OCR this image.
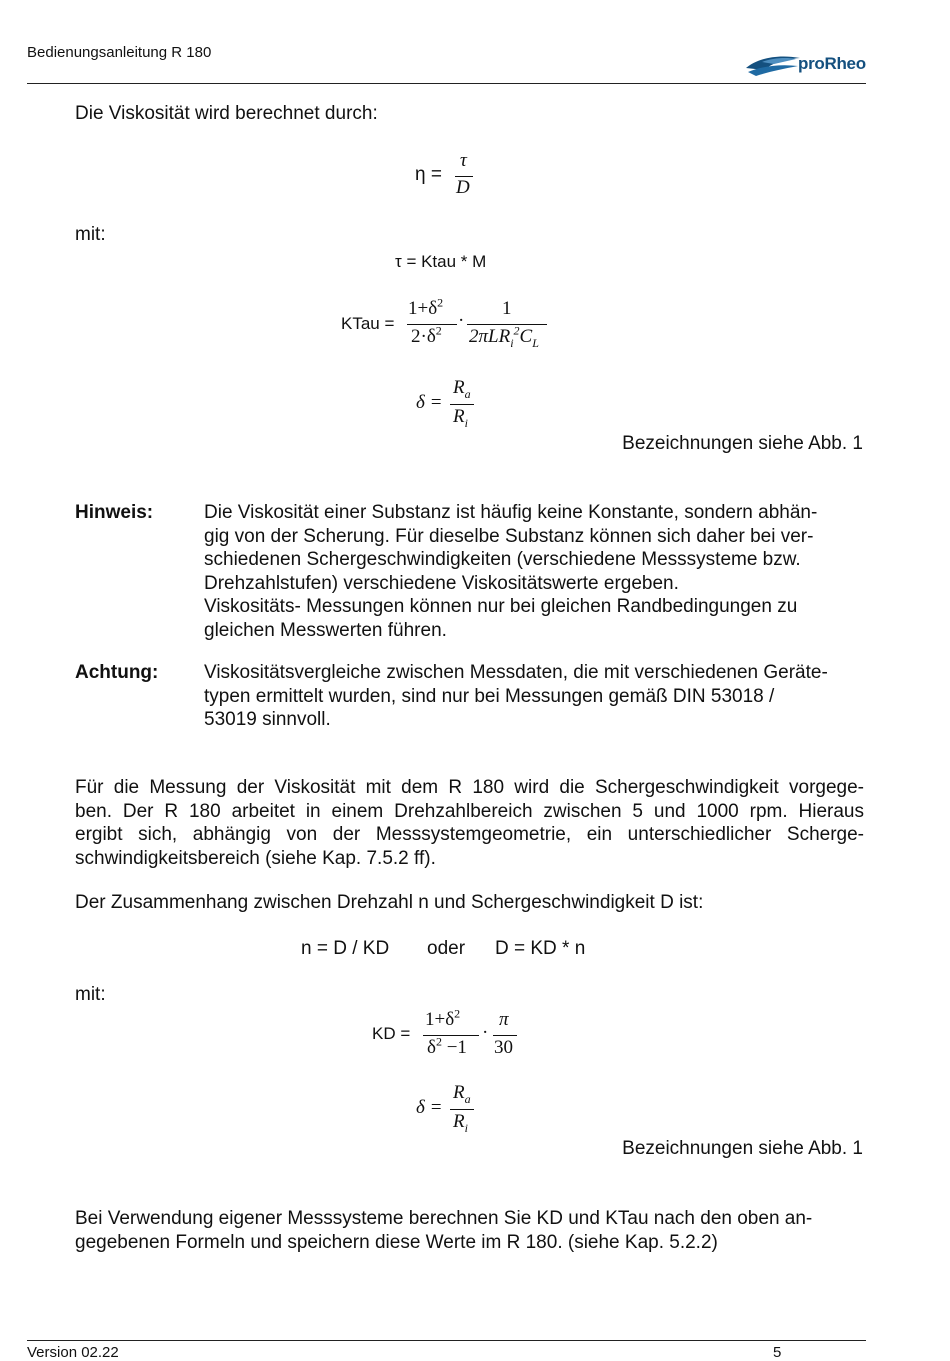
Bedienungsanleitung R 180
proRheo
Die Viskosität wird berechnet durch:
η =
τ
D
mit:
τ = Ktau * M
KTau =
$1+\delta^2$
$2\cdot\delta^2$ ·
1
$2\pi LR_i^2C_L$
δ =
$R_a$
$R_i$
Bezeichnungen siehe Abb. 1
Hinweis:	Die Viskosität einer Substanz ist häufig keine Konstante, sondern abhän-
gig von der Scherung. Für dieselbe Substanz können sich daher bei ver-
schiedenen Schergeschwindigkeiten (verschiedene Messsysteme bzw.
Drehzahlstufen) verschiedene Viskositätswerte ergeben.
Viskositäts- Messungen können nur bei gleichen Randbedingungen zu
gleichen Messwerten führen.
Achtung: Viskositätsvergleiche zwischen Messdaten, die mit verschiedenen Geräte-
typen ermittelt wurden, sind nur bei Messungen gemäß DIN 53018 /
53019 sinnvoll.
Für die Messung der Viskosität mit dem R 180 wird die Schergeschwindigkeit vorgege-
ben. Der R 180 arbeitet in einem Drehzahlbereich zwischen 5 und 1000 rpm. Hieraus
ergibt sich, abhängig von der Messsystemgeometrie, ein unterschiedlicher Scherge-
schwindigkeitsbereich (siehe Kap. 7.5.2 ff).
Der Zusammenhang zwischen Drehzahl n und Schergeschwindigkeit D ist:
n = D / KD oder D = KD * n
mit:
KD =
$1+\delta^2$
$\delta^2 -1$
·
π
30
δ =
$R_a$
$R_i$
Bezeichnungen siehe Abb. 1
Bei Verwendung eigener Messsysteme berechnen Sie KD und KTau nach den oben an-
gegebenen Formeln und speichern diese Werte im R 180. (siehe Kap. 5.2.2)
Version 02.22	5
